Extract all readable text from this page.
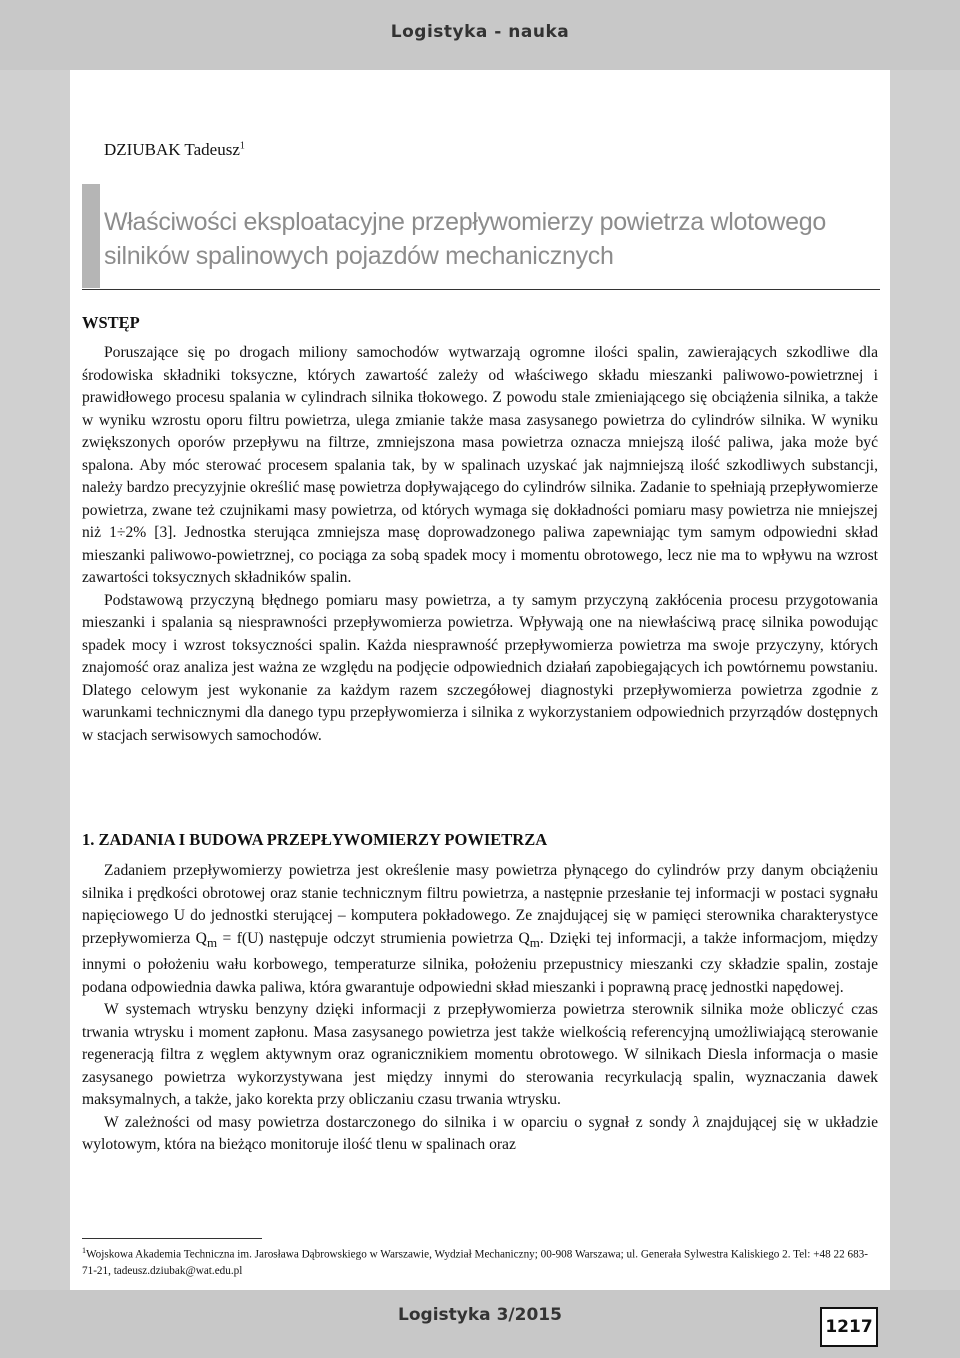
Logistyka - nauka
DZIUBAK Tadeusz$^1$
Właściwości eksploatacyjne przepływomierzy powietrza wlotowego
silników spalinowych pojazdów mechanicznych
WSTĘP

Poruszające się po drogach miliony samochodów wytwarzają ogromne ilości spalin, zawierających szkodliwe dla środowiska składniki toksyczne, których zawartość zależy od właściwego składu mieszanki paliwowo-powietrznej i prawidłowego procesu spalania w cylindrach silnika tłokowego. Z powodu stale zmieniającego się obciążenia silnika, a także w wyniku wzrostu oporu filtru powietrza, ulega zmianie także masa zasysanego powietrza do cylindrów silnika. W wyniku zwiększonych oporów przepływu na filtrze, zmniejszona masa powietrza oznacza mniejszą ilość paliwa, jaka może być spalona. Aby móc sterować procesem spalania tak, by w spalinach uzyskać jak najmniejszą ilość szkodliwych substancji, należy bardzo precyzyjnie określić masę powietrza dopływającego do cylindrów silnika. Zadanie to spełniają przepływomierze powietrza, zwane też czujnikami masy powietrza, od których wymaga się dokładności pomiaru masy powietrza nie mniejszej niż 1÷2% [3]. Jednostka sterująca zmniejsza masę doprowadzonego paliwa zapewniając tym samym odpowiedni skład mieszanki paliwowo-powietrznej, co pociąga za sobą spadek mocy i momentu obrotowego, lecz nie ma to wpływu na wzrost zawartości toksycznych składników spalin.

Podstawową przyczyną błędnego pomiaru masy powietrza, a ty samym przyczyną zakłócenia procesu przygotowania mieszanki i spalania są niesprawności przepływomierza powietrza. Wpływają one na niewłaściwą pracę silnika powodując spadek mocy i wzrost toksyczności spalin. Każda niesprawność przepływomierza powietrza ma swoje przyczyny, których znajomość oraz analiza jest ważna ze względu na podjęcie odpowiednich działań zapobiegających ich powtórnemu powstaniu. Dlatego celowym jest wykonanie za każdym razem szczegółowej diagnostyki przepływomierza powietrza zgodnie z warunkami technicznymi dla danego typu przepływomierza i silnika z wykorzystaniem odpowiednich przyrządów dostępnych w stacjach serwisowych samochodów.

1. ZADANIA I BUDOWA PRZEPŁYWOMIERZY POWIETRZA

Zadaniem przepływomierzy powietrza jest określenie masy powietrza płynącego do cylindrów przy danym obciążeniu silnika i prędkości obrotowej oraz stanie technicznym filtru powietrza, a następnie przesłanie tej informacji w postaci sygnału napięciowego U do jednostki sterującej – komputera pokładowego. Ze znajdującej się w pamięci sterownika charakterystyce przepływomierza $Q_m = f(U)$ następuje odczyt strumienia powietrza $Q_m$. Dzięki tej informacji, a także informacjom, między innymi o położeniu wału korbowego, temperaturze silnika, położeniu przepustnicy mieszanki czy składzie spalin, zostaje podana odpowiednia dawka paliwa, która gwarantuje odpowiedni skład mieszanki i poprawną pracę jednostki napędowej.

W systemach wtrysku benzyny dzięki informacji z przepływomierza powietrza sterownik silnika może obliczyć czas trwania wtrysku i moment zapłonu. Masa zasysanego powietrza jest także wielkością referencyjną umożliwiającą sterowanie regeneracją filtra z węglem aktywnym oraz ogranicznikiem momentu obrotowego. W silnikach Diesla informacja o masie zasysanego powietrza wykorzystywana jest między innymi do sterowania recyrkulacją spalin, wyznaczania dawek maksymalnych, a także, jako korekta przy obliczaniu czasu trwania wtrysku.

W zależności od masy powietrza dostarczonego do silnika i w oparciu o sygnał z sondy λ znajdującej się w układzie wylotowym, która na bieżąco monitoruje ilość tlenu w spalinach oraz

$^1$Wojskowa Akademia Techniczna im. Jarosława Dąbrowskiego w Warszawie, Wydział Mechaniczny; 00-908 Warszawa; ul. Generała Sylwestra Kaliskiego 2. Tel: +48 22 683-71-21, tadeusz.dziubak@wat.edu.pl
Logistyka 3/2015
1217
